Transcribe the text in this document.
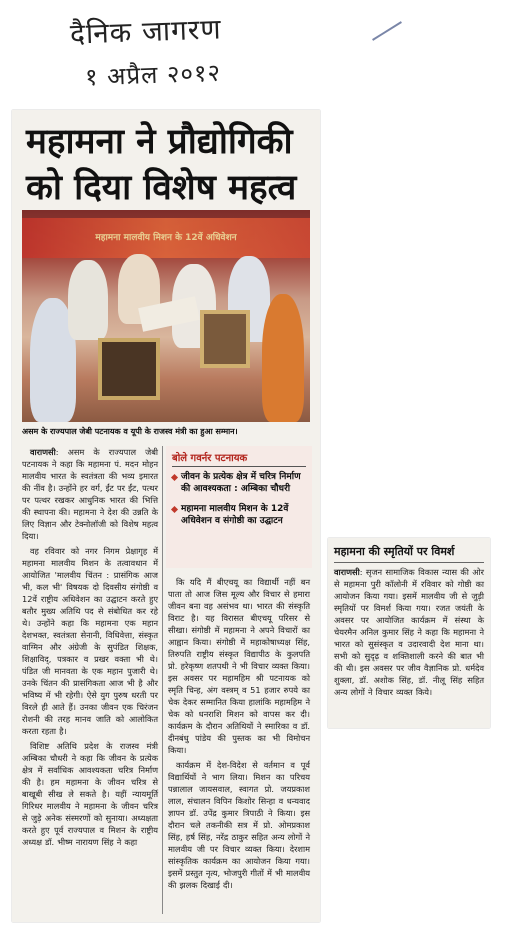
दैनिक जागरण
१ अप्रैल २०१२
महामना ने प्रौद्योगिकी
को दिया विशेष महत्व
महामना मालवीय मिशन के 12वें अधिवेशन
असम के राज्यपाल जेबी पटनायक व यूपी के राजस्व मंत्री का हुआ सम्मान।

वाराणसी: असम के राज्यपाल जेबी पटनायक ने कहा कि महामना पं. मदन मोहन मालवीय भारत के स्वतंत्रता की भव्य इमारत की नींव है। उन्होंने हर वर्ग, ईंट पर ईंट, पत्थर पर पत्थर रखकर आधुनिक भारत की भित्ति की स्थापना की। महामना ने देश की उन्नति के लिए विज्ञान और टेक्नोलॉजी को विशेष महत्व दिया।

वह रविवार को नगर निगम प्रेक्षागृह में महामना मालवीय मिशन के तत्वावधान में आयोजित 'मालवीय चिंतन : प्रासंगिक आज भी, कल भी' विषयक दो दिवसीय संगोष्ठी व 12वें राष्ट्रीय अधिवेशन का उद्घाटन करते हुए बतौर मुख्य अतिथि पद से संबोधित कर रहे थे। उन्होंने कहा कि महामना एक महान देशभक्त, स्वतंत्रता सेनानी, विधिवेत्ता, संस्कृत वाग्मिन और अंग्रेजी के सुपंडित शिक्षक, शिक्षाविद्, पत्रकार व प्रखर वक्ता भी थे। पंडित जी मानवता के एक महान पुजारी थे। उनके चिंतन की प्रासंगिकता आज भी है और भविष्य में भी रहेगी। ऐसे युग पुरुष धरती पर विरले ही आते हैं। उनका जीवन एक चिरंजन रोशनी की तरह मानव जाति को आलोकित करता रहता है।

विशिष्ट अतिथि प्रदेश के राजस्व मंत्री अम्बिका चौधरी ने कहा कि जीवन के प्रत्येक क्षेत्र में सर्वाधिक आवश्यकता चरित्र निर्माण की है। हम महामना के जीवन चरित्र से बाखूबी सीख ले सकते है। यहीं न्यायमूर्ति गिरिधर मालवीय ने महामना के जीवन चरित्र से जुड़े अनेक संस्मरणों को सुनाया। अध्यक्षता करते हुए पूर्व राज्यपाल व मिशन के राष्ट्रीय अध्यक्ष डॉ. भीष्म नारायण सिंह ने कहा

बोले गवर्नर पटनायक
जीवन के प्रत्येक क्षेत्र में चरित्र निर्माण की आवश्यकता : अम्बिका चौधरी
महामना मालवीय मिशन के 12वें अधिवेशन व संगोष्ठी का उद्घाटन

कि यदि मैं बीएचयू का विद्यार्थी नहीं बन पाता तो आज जिस मूल्य और विचार से हमारा जीवन बना वह असंभव था। भारत की संस्कृति विराट है। यह विरासत बीएचयू परिसर से सीखा। संगोष्ठी में महामना ने अपने विचारों का आह्वान किया। संगोष्ठी में महाकोषाध्यक्ष सिंह, तिरुपति राष्ट्रीय संस्कृत विद्यापीठ के कुलपति प्रो. हरेकृष्ण शतपथी ने भी विचार व्यक्त किया। इस अवसर पर महामहिम श्री पटनायक को स्मृति चिन्ह, अंग वस्त्रम् व 51 हजार रुपये का चेक देकर सम्मानित किया हालांकि महामहिम ने चेक को धनराशि मिशन को वापस कर दी। कार्यक्रम के दौरान अतिथियों ने स्मारिका व डॉ. दीनबंधु पांडेय की पुस्तक का भी विमोचन किया।

कार्यक्रम में देश-विदेश से वर्तमान व पूर्व विद्यार्थियों ने भाग लिया। मिशन का परिचय पन्नालाल जायसवाल, स्वागत प्रो. जयप्रकाश लाल, संचालन विपिन किशोर सिन्हा व धन्यवाद ज्ञापन डॉ. उपेंद्र कुमार त्रिपाठी ने किया। इस दौरान चले तकनीकी सत्र में प्रो. ओमप्रकाश सिंह, हर्ष सिंह, नरेंद्र ठाकुर सहित अन्य लोगों ने मालवीय जी पर विचार व्यक्त किया। देरशाम सांस्कृतिक कार्यक्रम का आयोजन किया गया। इसमें प्रस्तुत नृत्य, भोजपुरी गीतों में भी मालवीय की झलक दिखाई दी।

महामना की स्मृतियों पर विमर्श
वाराणसी: सृजन सामाजिक विकास न्यास की ओर से महामना पुरी कॉलोनी में रविवार को गोष्ठी का आयोजन किया गया। इसमें मालवीय जी से जुड़ी स्मृतियों पर विमर्श किया गया। रजत जयंती के अवसर पर आयोजित कार्यक्रम में संस्था के चेयरमैन अनिल कुमार सिंह ने कहा कि महामना ने भारत को सुसंस्कृत व उदारवादी देश माना था। सभी को सुदृढ़ व शक्तिशाली करने की बात भी की थी। इस अवसर पर जीव वैज्ञानिक प्रो. धर्मदेव शुक्ला, डॉ. अशोक सिंह, डॉ. नीलू सिंह सहित अन्य लोगों ने विचार व्यक्त किये।
